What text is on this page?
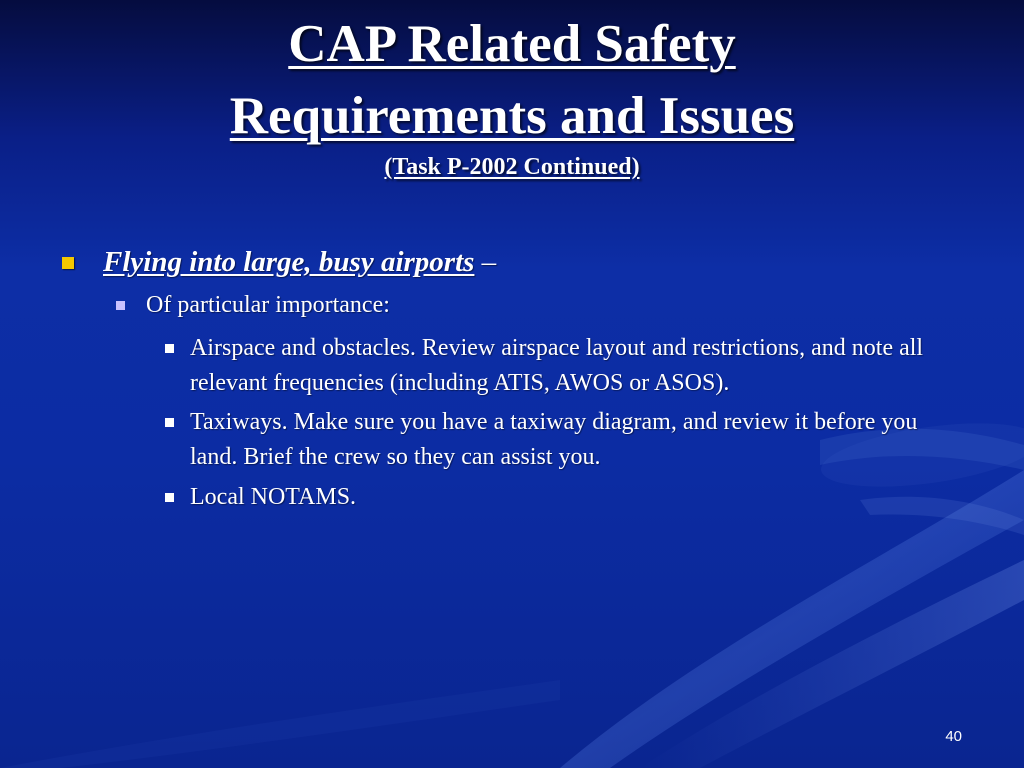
CAP Related Safety
Requirements and Issues
(Task P-2002 Continued)
Flying into large, busy airports –
Of particular importance:
Airspace and obstacles. Review airspace layout and restrictions, and note all relevant frequencies (including ATIS, AWOS or ASOS).
Taxiways. Make sure you have a taxiway diagram, and review it before you land. Brief the crew so they can assist you.
Local NOTAMS.
40
